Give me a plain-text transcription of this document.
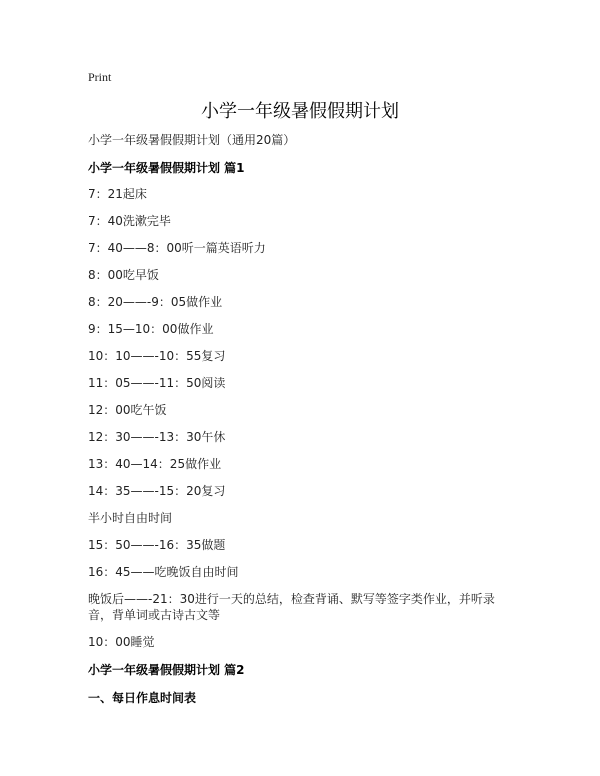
Print
小学一年级暑假假期计划
小学一年级暑假假期计划（通用20篇）
小学一年级暑假假期计划 篇1
7：21起床
7：40洗漱完毕
7：40——8：00听一篇英语听力
8：00吃早饭
8：20——-9：05做作业
9：15—10：00做作业
10：10——-10：55复习
11：05——-11：50阅读
12：00吃午饭
12：30——-13：30午休
13：40—14：25做作业
14：35——-15：20复习
半小时自由时间
15：50——-16：35做题
16：45——吃晚饭自由时间
晚饭后——-21：30进行一天的总结，检查背诵、默写等签字类作业，并听录音，背单词或古诗古文等
10：00睡觉
小学一年级暑假假期计划 篇2
一、每日作息时间表
